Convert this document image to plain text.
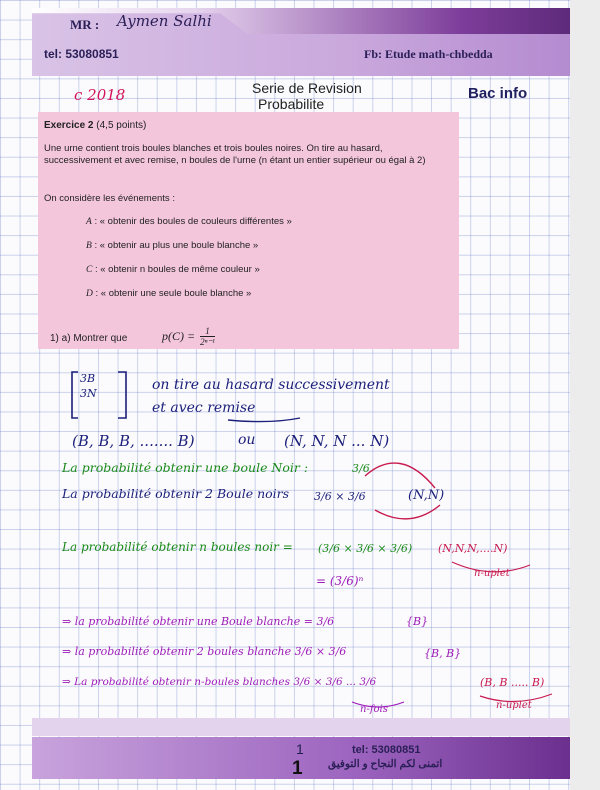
MR : Aymen Salhi
tel: 53080851	Fb: Etude math-chbedda
c 2018	Serie de Revision
Probabilite
Bac info
Exercice 2 (4,5 points)
Une urne contient trois boules blanches et trois boules noires. On tire au hasard, successivement et avec remise, n boules de l'urne (n étant un entier supérieur ou égal à 2)
On considère les événements :
A : « obtenir des boules de couleurs différentes »
B : « obtenir au plus une boule blanche »
C : « obtenir n boules de même couleur »
D : « obtenir une seule boule blanche »
1) a) Montrer que	$p(C) = \frac{1}{\text{2ⁿ⁻¹}}$
3B
3N
on tire au hasard successivement
et avec remise
(B, B, B, ....... B)	ou (N, N, N ... N)
La probabilité obtenir une boule Noir :	3/6
La probabilité obtenir 2 Boule noirs 3/6 × 3/6	(N,N)
La probabilité obtenir n boules noir = (3/6 × 3/6 × 3/6) (N,N,N,....N)
n-uplet
= (3/6)ⁿ
⇒ la probabilité obtenir une Boule blanche = 3/6	{B}
⇒ la probabilité obtenir 2 boules blanche 3/6 × 3/6	{B, B}
⇒ La probabilité obtenir n-boules blanches 3/6 × 3/6 ... 3/6
n-fois
(B, B ..... B)
n-uplet
1
1
tel: 53080851
اتمنى لكم النجاح و التوفيق
